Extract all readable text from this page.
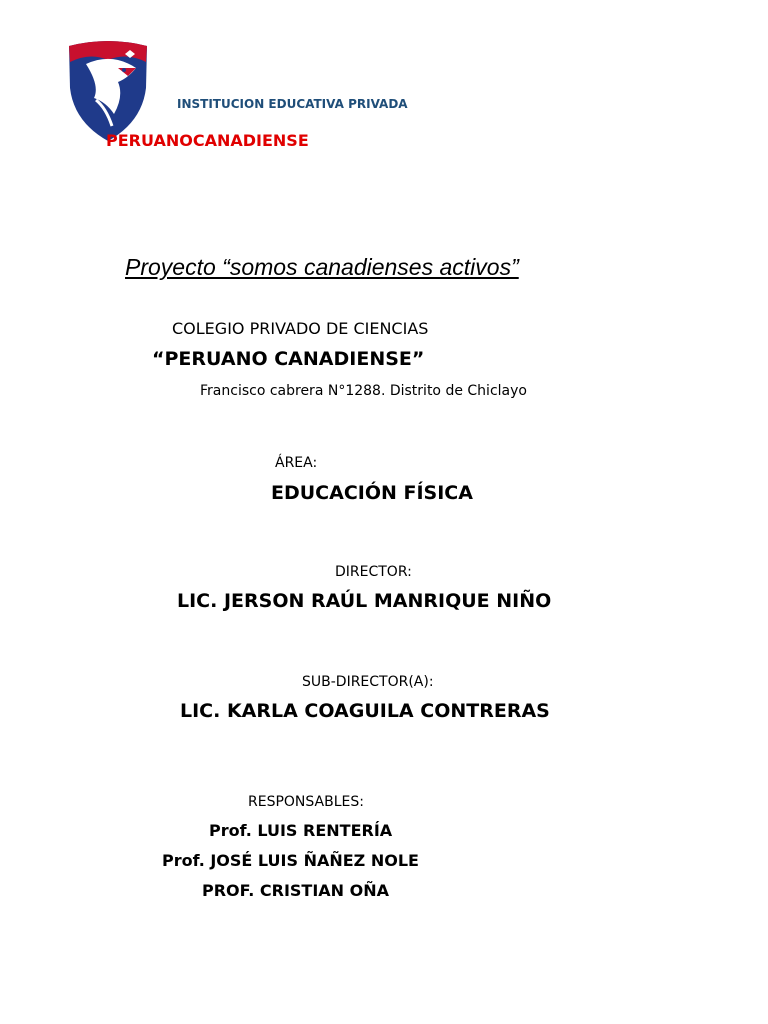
INSTITUCION EDUCATIVA PRIVADA
PERUANOCANADIENSE
Proyecto “somos canadienses activos”
COLEGIO PRIVADO DE CIENCIAS
“PERUANO CANADIENSE”
Francisco cabrera N°1288. Distrito de Chiclayo
ÁREA:
EDUCACIÓN FÍSICA
DIRECTOR:
LIC. JERSON RAÚL MANRIQUE NIÑO
SUB-DIRECTOR(A):
LIC. KARLA COAGUILA CONTRERAS
RESPONSABLES:
Prof. LUIS RENTERÍA
Prof. JOSÉ LUIS ÑAÑEZ NOLE
PROF. CRISTIAN OÑA
